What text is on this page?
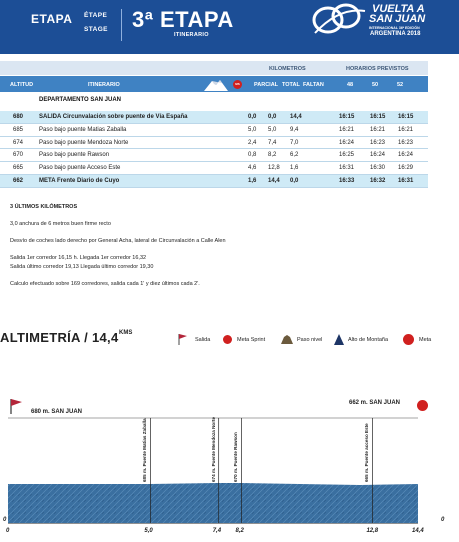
ETAPA ÉTAPE
STAGE 3ª ETAPA
ITINERARIO
VUELTA A
SAN JUAN
INTERNACIONAL 36ª EDICIÓN
ARGENTINA 2018
KILOMETROS	HORARIOS PREVISTOS
ALTITUD	ITINERARIO	MS	PARCIAL TOTAL FALTAN	48	50	52
DEPARTAMENTO SAN JUAN
680	SALIDA Circunvalación sobre puente de Vía España	0,0 0,0 14,4	16:15	16:15 16:15
685	Paso bajo puente Matias Zaballa	5,0 5,0 9,4	16:21	16:21 16:21
674	Paso bajo puente Mendoza Norte	2,4 7,4 7,0	16:24	16:23 16:23
670	Paso bajo puente Rawson	0,8 8,2 6,2	16:25	16:24 16:24
665	Paso bajo puente Acceso Este	4,6 12,8 1,6	16:31	16:30 16:29
662	META Frente Diario de Cuyo	1,6 14,4 0,0	16:33	16:32 16:31
3 ÚLTIMOS KILÓMETROS
3,0 anchura de 6 metros buen firme recto
Desvío de coches lado derecho por General Acha, lateral de Circunvalación a Calle Alen
Salida 1er corredor 16,15 h. Llegada 1er corredor 16,32
Salida último corredor 19,13 Llegada último corredor 19,30
Calculo efectuado sobre 169 corredores, salida cada 1' y diez últimos cada 2'.
ALTIMETRÍA / 14,4 KMS
Salida	Meta Sprint	Paso nivel	Alto de Montaña	Meta
680 m. SAN JUAN
662 m. SAN JUAN
685 m. Puente Matias Zaballa	674 m. Puente Mendoza Norte	670 m. Puente Rawson	665 m. Puente acceso Este
0	5,0	7,4 8,2	12,8	14,4
0	0
